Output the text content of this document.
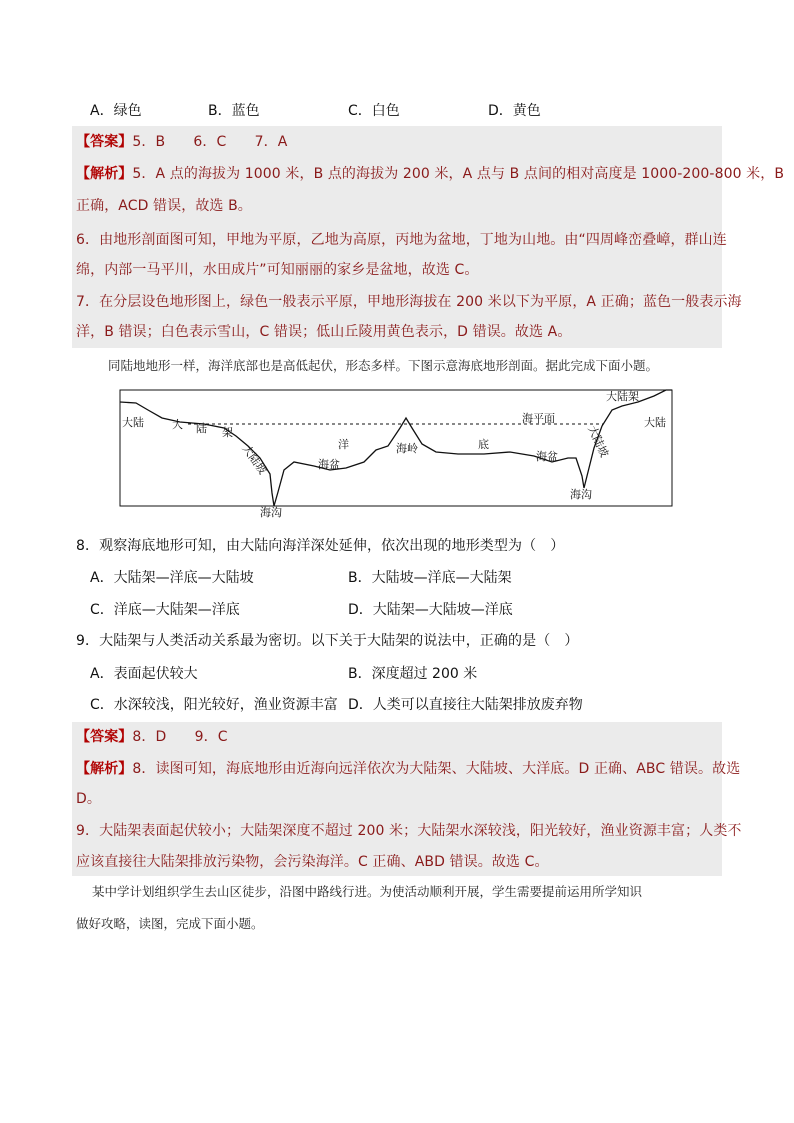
A．绿色	B．蓝色	C．白色	D．黄色
【答案】5．B　　6．C　　7．A
【解析】5．A 点的海拔为 1000 米，B 点的海拔为 200 米，A 点与 B 点间的相对高度是 1000-200-800 米，B
正确，ACD 错误，故选 B。
6．由地形剖面图可知，甲地为平原，乙地为高原，丙地为盆地，丁地为山地。由“四周峰峦叠嶂，群山连
绵，内部一马平川，水田成片”可知丽丽的家乡是盆地，故选 C。
7．在分层设色地形图上，绿色一般表示平原，甲地形海拔在 200 米以下为平原，A 正确；蓝色一般表示海
洋，B 错误；白色表示雪山，C 错误；低山丘陵用黄色表示，D 错误。故选 A。
同陆地地形一样，海洋底部也是高低起伏，形态多样。下图示意海底地形剖面。据此完成下面小题。
大陆	大 陆 架
大陆坡
海沟
洋
海盆
海岭	底
海平面
海盆
海沟
大陆坡
大陆架
大陆
8．观察海底地形可知，由大陆向海洋深处延伸，依次出现的地形类型为（　）
A．大陆架—洋底—大陆坡	B．大陆坡—洋底—大陆架
C．洋底—大陆架—洋底	D．大陆架—大陆坡—洋底
9．大陆架与人类活动关系最为密切。以下关于大陆架的说法中，正确的是（　）
A．表面起伏较大	B．深度超过 200 米
C．水深较浅，阳光较好，渔业资源丰富 D．人类可以直接往大陆架排放废弃物
【答案】8．D　　9．C
【解析】8．读图可知，海底地形由近海向远洋依次为大陆架、大陆坡、大洋底。D 正确、ABC 错误。故选
D。
9．大陆架表面起伏较小；大陆架深度不超过 200 米；大陆架水深较浅，阳光较好，渔业资源丰富；人类不
应该直接往大陆架排放污染物，会污染海洋。C 正确、ABD 错误。故选 C。
某中学计划组织学生去山区徒步，沿图中路线行进。为使活动顺利开展，学生需要提前运用所学知识
做好攻略，读图，完成下面小题。
